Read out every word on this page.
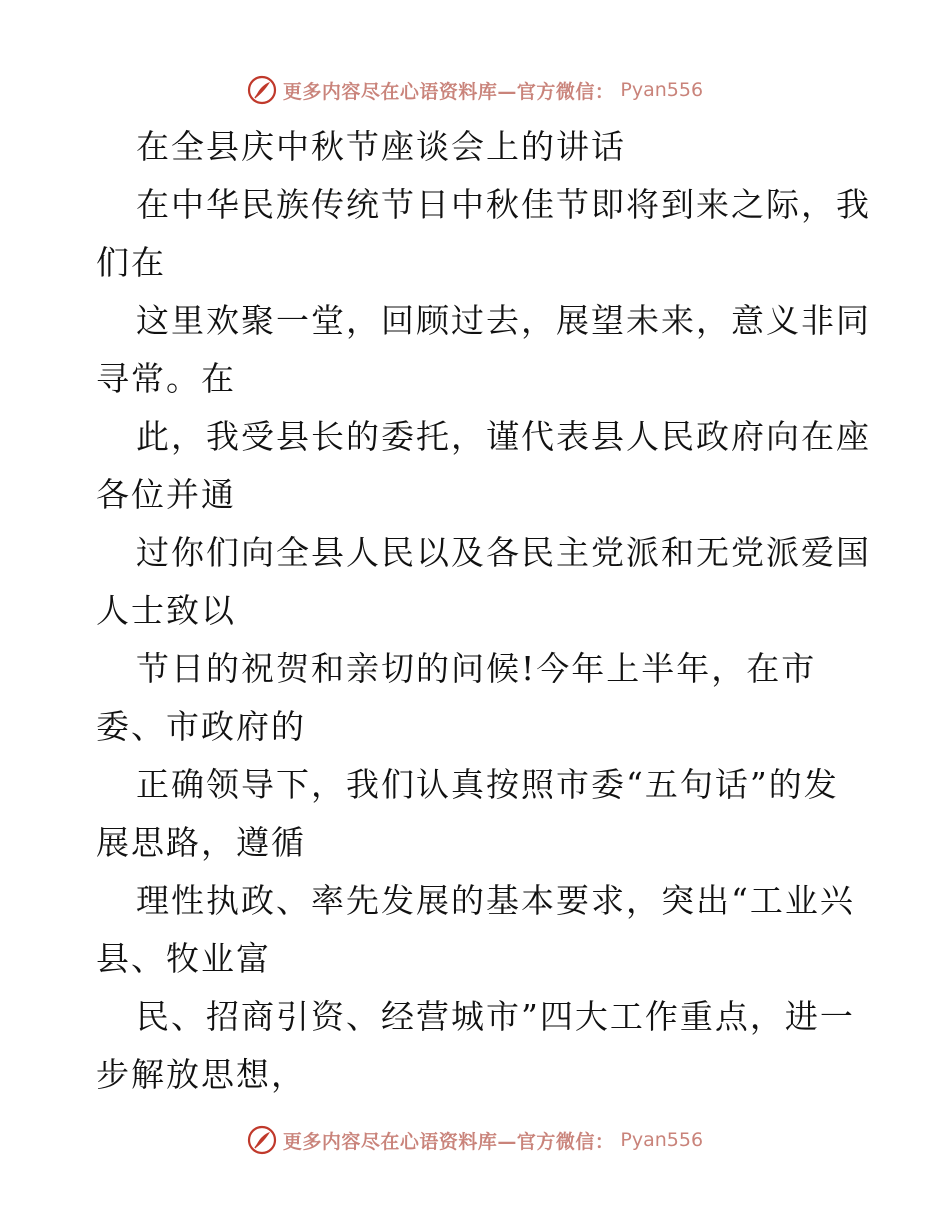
更多内容尽在心语资料库—官方微信： Pyan556
在全县庆中秋节座谈会上的讲话
在中华民族传统节日中秋佳节即将到来之际，我
们在
这里欢聚一堂，回顾过去，展望未来，意义非同
寻常。在
此，我受县长的委托，谨代表县人民政府向在座
各位并通
过你们向全县人民以及各民主党派和无党派爱国
人士致以
节日的祝贺和亲切的问候!今年上半年，在市
委、市政府的
正确领导下，我们认真按照市委“五句话”的发
展思路，遵循
理性执政、率先发展的基本要求，突出“工业兴
县、牧业富
民、招商引资、经营城市”四大工作重点，进一
步解放思想，
更多内容尽在心语资料库—官方微信： Pyan556
